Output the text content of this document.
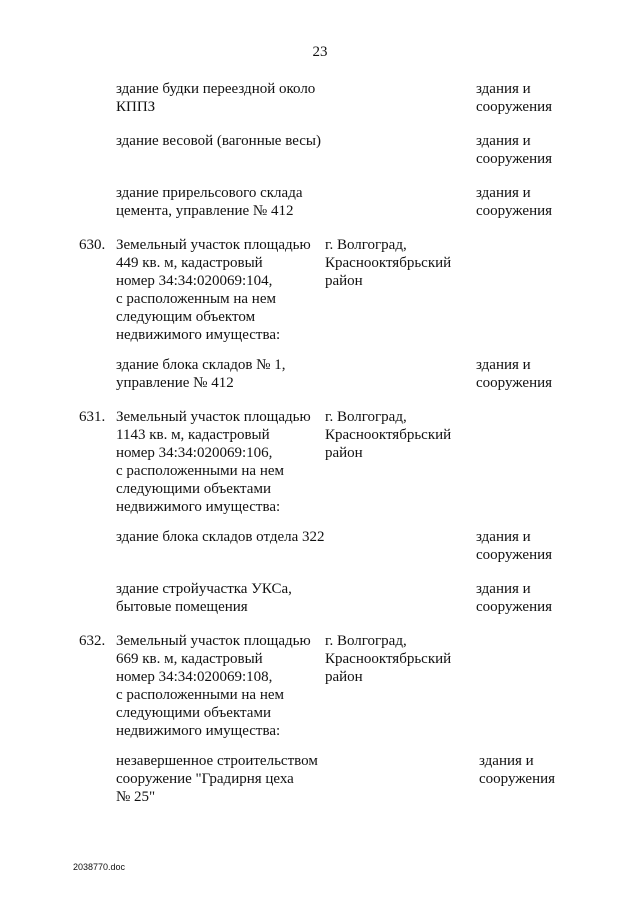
23
здание будки переездной около
КППЗ
здания и
сооружения
здание весовой (вагонные весы)	здания и
сооружения
здание прирельсового склада
цемента, управление № 412
здания и
сооружения
630. Земельный участок площадью
449 кв. м, кадастровый
номер 34:34:020069:104,
с расположенным на нем
следующим объектом
недвижимого имущества:
г. Волгоград,
Краснооктябрьский
район
здание блока складов № 1,
управление № 412
здания и
сооружения
631. Земельный участок площадью
1143 кв. м, кадастровый
номер 34:34:020069:106,
с расположенными на нем
следующими объектами
недвижимого имущества:
г. Волгоград,
Краснооктябрьский
район
здание блока складов отдела 322	здания и
сооружения
здание стройучастка УКСа,
бытовые помещения
здания и
сооружения
632. Земельный участок площадью
669 кв. м, кадастровый
номер 34:34:020069:108,
с расположенными на нем
следующими объектами
недвижимого имущества:
г. Волгоград,
Краснооктябрьский
район
незавершенное строительством
сооружение "Градирня цеха
№ 25"
здания и
сооружения
2038770.doc
